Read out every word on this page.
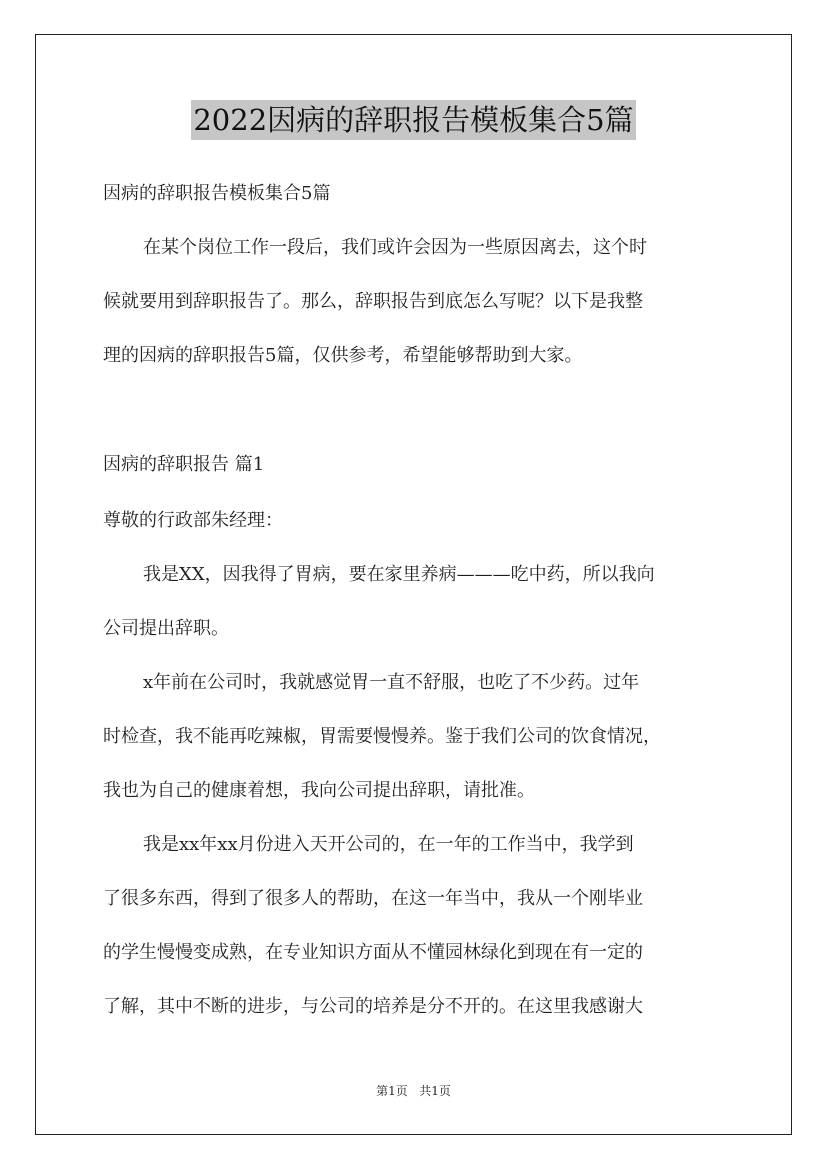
2022因病的辞职报告模板集合5篇
因病的辞职报告模板集合5篇
在某个岗位工作一段后，我们或许会因为一些原因离去，这个时
候就要用到辞职报告了。那么，辞职报告到底怎么写呢？以下是我整
理的因病的辞职报告5篇，仅供参考，希望能够帮助到大家。
因病的辞职报告 篇1
尊敬的行政部朱经理：
我是XX，因我得了胃病，要在家里养病———吃中药，所以我向
公司提出辞职。
x年前在公司时，我就感觉胃一直不舒服，也吃了不少药。过年
时检查，我不能再吃辣椒，胃需要慢慢养。鉴于我们公司的饮食情况，
我也为自己的健康着想，我向公司提出辞职，请批准。
我是xx年xx月份进入天开公司的，在一年的工作当中，我学到
了很多东西，得到了很多人的帮助，在这一年当中，我从一个刚毕业
的学生慢慢变成熟，在专业知识方面从不懂园林绿化到现在有一定的
了解，其中不断的进步，与公司的培养是分不开的。在这里我感谢大
第1页 共1页
